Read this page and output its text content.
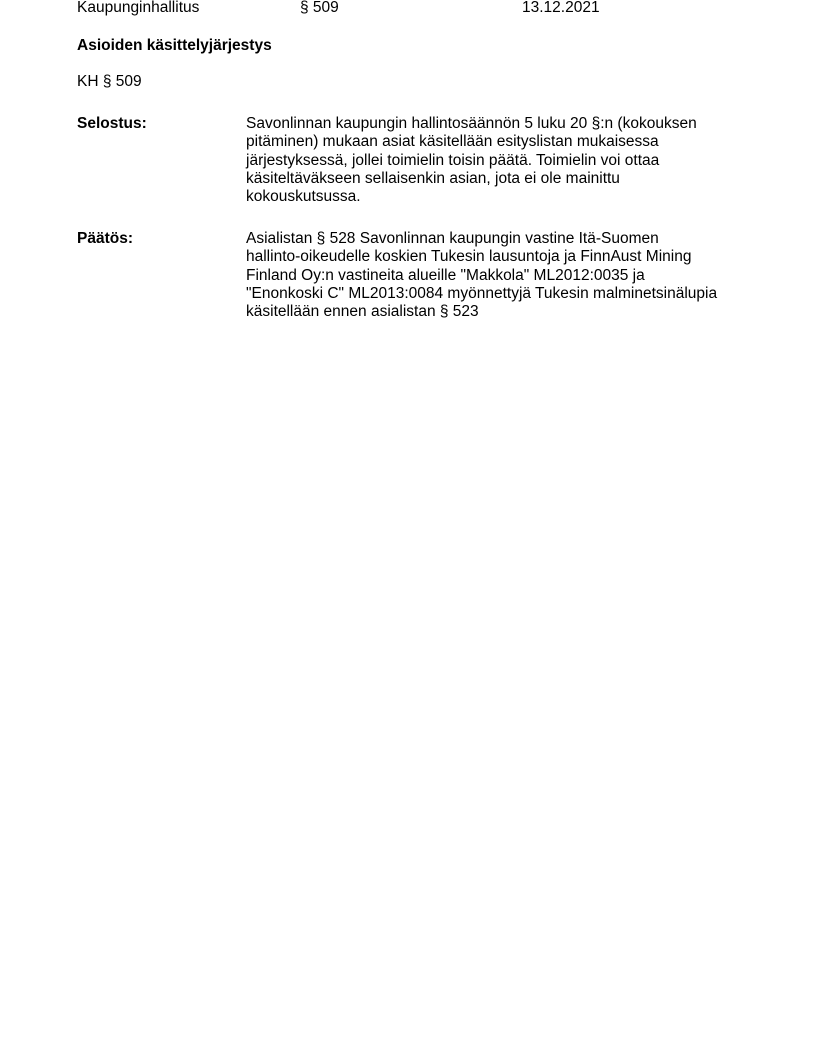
Kaupunginhallitus	§ 509	13.12.2021
Asioiden käsittelyjärjestys
KH § 509
Selostus:	Savonlinnan kaupungin hallintosäännön 5 luku 20 §:n (kokouksen
pitäminen) mukaan asiat käsitellään esityslistan mukaisessa
järjestyksessä, jollei toimielin toisin päätä. Toimielin voi ottaa
käsiteltäväkseen sellaisenkin asian, jota ei ole mainittu
kokouskutsussa.
Päätös:	Asialistan § 528 Savonlinnan kaupungin vastine Itä-Suomen
hallinto-oikeudelle koskien Tukesin lausuntoja ja FinnAust Mining
Finland Oy:n vastineita alueille "Makkola" ML2012:0035 ja
"Enonkoski C" ML2013:0084 myönnettyjä Tukesin malminetsinälupia
käsitellään ennen asialistan § 523
